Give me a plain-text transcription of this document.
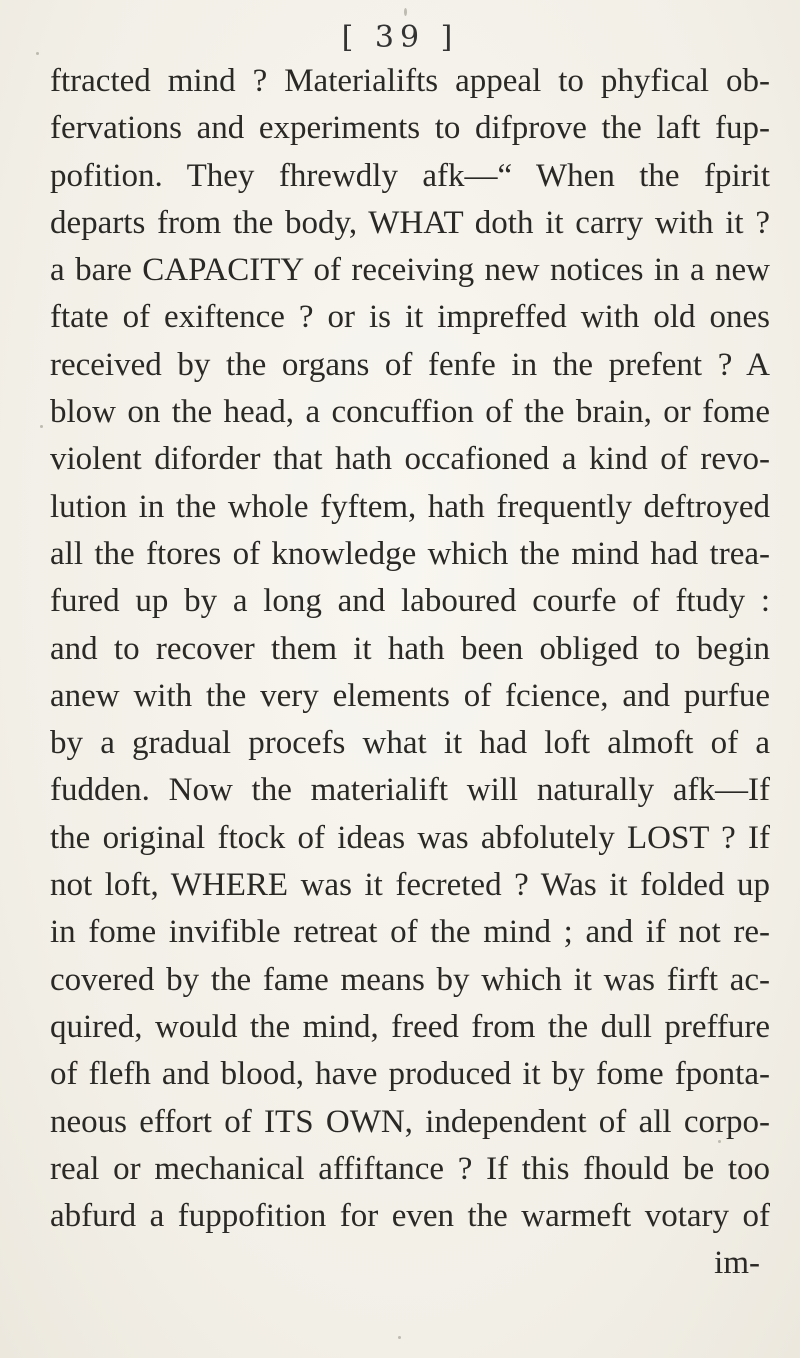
[ 39 ]
ftracted mind ? Materialifts appeal to phyfical ob-
fervations and experiments to difprove the laft fup-
pofition. They fhrewdly afk—“ When the fpirit
departs from the body, WHAT doth it carry with it ?
a bare CAPACITY of receiving new notices in a new
ftate of exiftence ? or is it impreffed with old ones
received by the organs of fenfe in the prefent ? A
blow on the head, a concuffion of the brain, or fome
violent diforder that hath occafioned a kind of revo-
lution in the whole fyftem, hath frequently deftroyed
all the ftores of knowledge which the mind had trea-
fured up by a long and laboured courfe of ftudy :
and to recover them it hath been obliged to begin
anew with the very elements of fcience, and purfue
by a gradual procefs what it had loft almoft of a
fudden. Now the materialift will naturally afk—If
the original ftock of ideas was abfolutely LOST ? If
not loft, WHERE was it fecreted ? Was it folded up
in fome invifible retreat of the mind ; and if not re-
covered by the fame means by which it was firft ac-
quired, would the mind, freed from the dull preffure
of flefh and blood, have produced it by fome fponta-
neous effort of ITS OWN, independent of all corpo-
real or mechanical affiftance ? If this fhould be too
abfurd a fuppofition for even the warmeft votary of
im-
